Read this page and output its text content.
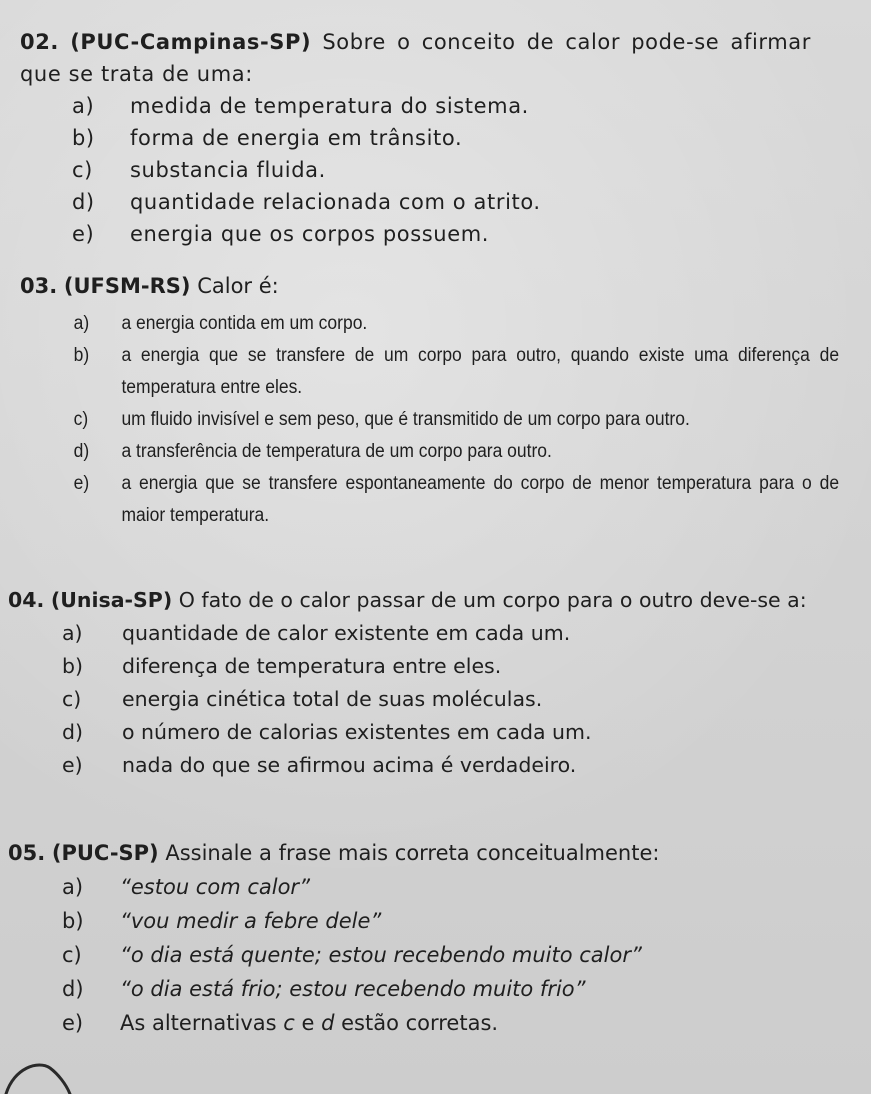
02. (PUC-Campinas-SP) Sobre o conceito de calor pode-se afirmar que se trata de uma:

a) medida de temperatura do sistema.
b) forma de energia em trânsito.
c) substancia fluida.
d) quantidade relacionada com o atrito.
e) energia que os corpos possuem.

03. (UFSM-RS) Calor é:

a)	a energia contida em um corpo.
b)	a energia que se transfere de um corpo para outro, quando existe uma diferença de temperatura entre eles.
c)	um fluido invisível e sem peso, que é transmitido de um corpo para outro.
d)	a transferência de temperatura de um corpo para outro.
e)	a energia que se transfere espontaneamente do corpo de menor temperatura para o de maior temperatura.

04. (Unisa-SP) O fato de o calor passar de um corpo para o outro deve-se a:

a) quantidade de calor existente em cada um.
b) diferença de temperatura entre eles.
c) energia cinética total de suas moléculas.
d) o número de calorias existentes em cada um.
e) nada do que se afirmou acima é verdadeiro.

05. (PUC-SP) Assinale a frase mais correta conceitualmente:

a) “estou com calor”
b) “vou medir a febre dele”
c) “o dia está quente; estou recebendo muito calor”
d) “o dia está frio; estou recebendo muito frio”
e) As alternativas c e d estão corretas.
